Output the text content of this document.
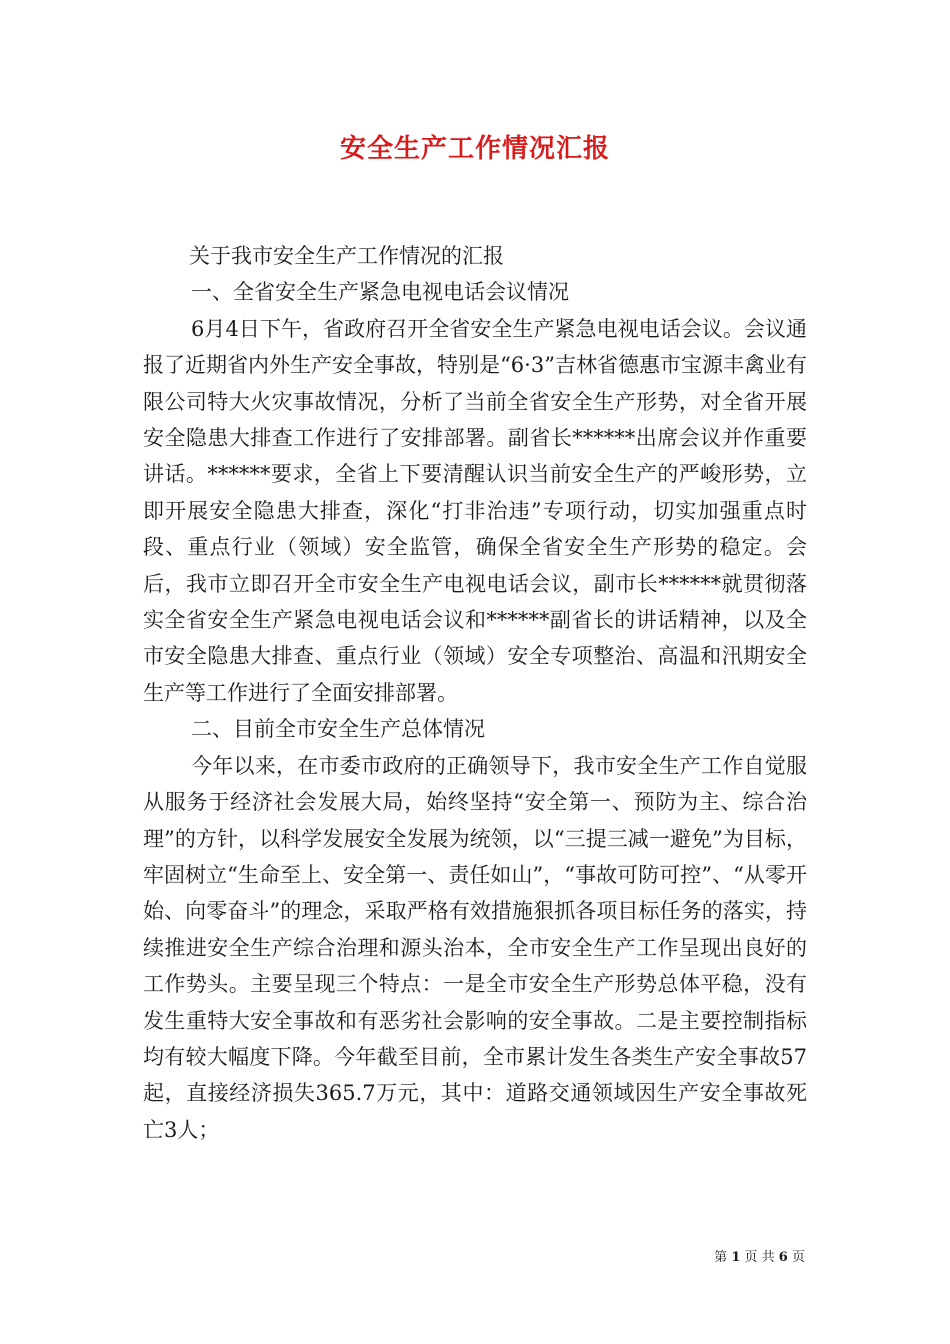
安全生产工作情况汇报

关于我市安全生产工作情况的汇报

一、全省安全生产紧急电视电话会议情况

6月4日下午，省政府召开全省安全生产紧急电视电话会议。会议通报了近期省内外生产安全事故，特别是“6·3”吉林省德惠市宝源丰禽业有限公司特大火灾事故情况，分析了当前全省安全生产形势，对全省开展安全隐患大排查工作进行了安排部署。副省长******出席会议并作重要讲话。******要求，全省上下要清醒认识当前安全生产的严峻形势，立即开展安全隐患大排查，深化“打非治违”专项行动，切实加强重点时段、重点行业（领域）安全监管，确保全省安全生产形势的稳定。会后，我市立即召开全市安全生产电视电话会议，副市长******就贯彻落实全省安全生产紧急电视电话会议和******副省长的讲话精神，以及全市安全隐患大排查、重点行业（领域）安全专项整治、高温和汛期安全生产等工作进行了全面安排部署。

二、目前全市安全生产总体情况

今年以来，在市委市政府的正确领导下，我市安全生产工作自觉服从服务于经济社会发展大局，始终坚持“安全第一、预防为主、综合治理”的方针，以科学发展安全发展为统领，以“三提三减一避免”为目标，牢固树立“生命至上、安全第一、责任如山”，“事故可防可控”、“从零开始、向零奋斗”的理念，采取严格有效措施狠抓各项目标任务的落实，持续推进安全生产综合治理和源头治本，全市安全生产工作呈现出良好的工作势头。主要呈现三个特点：一是全市安全生产形势总体平稳，没有发生重特大安全事故和有恶劣社会影响的安全事故。二是主要控制指标均有较大幅度下降。今年截至目前，全市累计发生各类生产安全事故57起，直接经济损失365.7万元，其中：道路交通领域因生产安全事故死亡3人；

第 1 页 共 6 页
